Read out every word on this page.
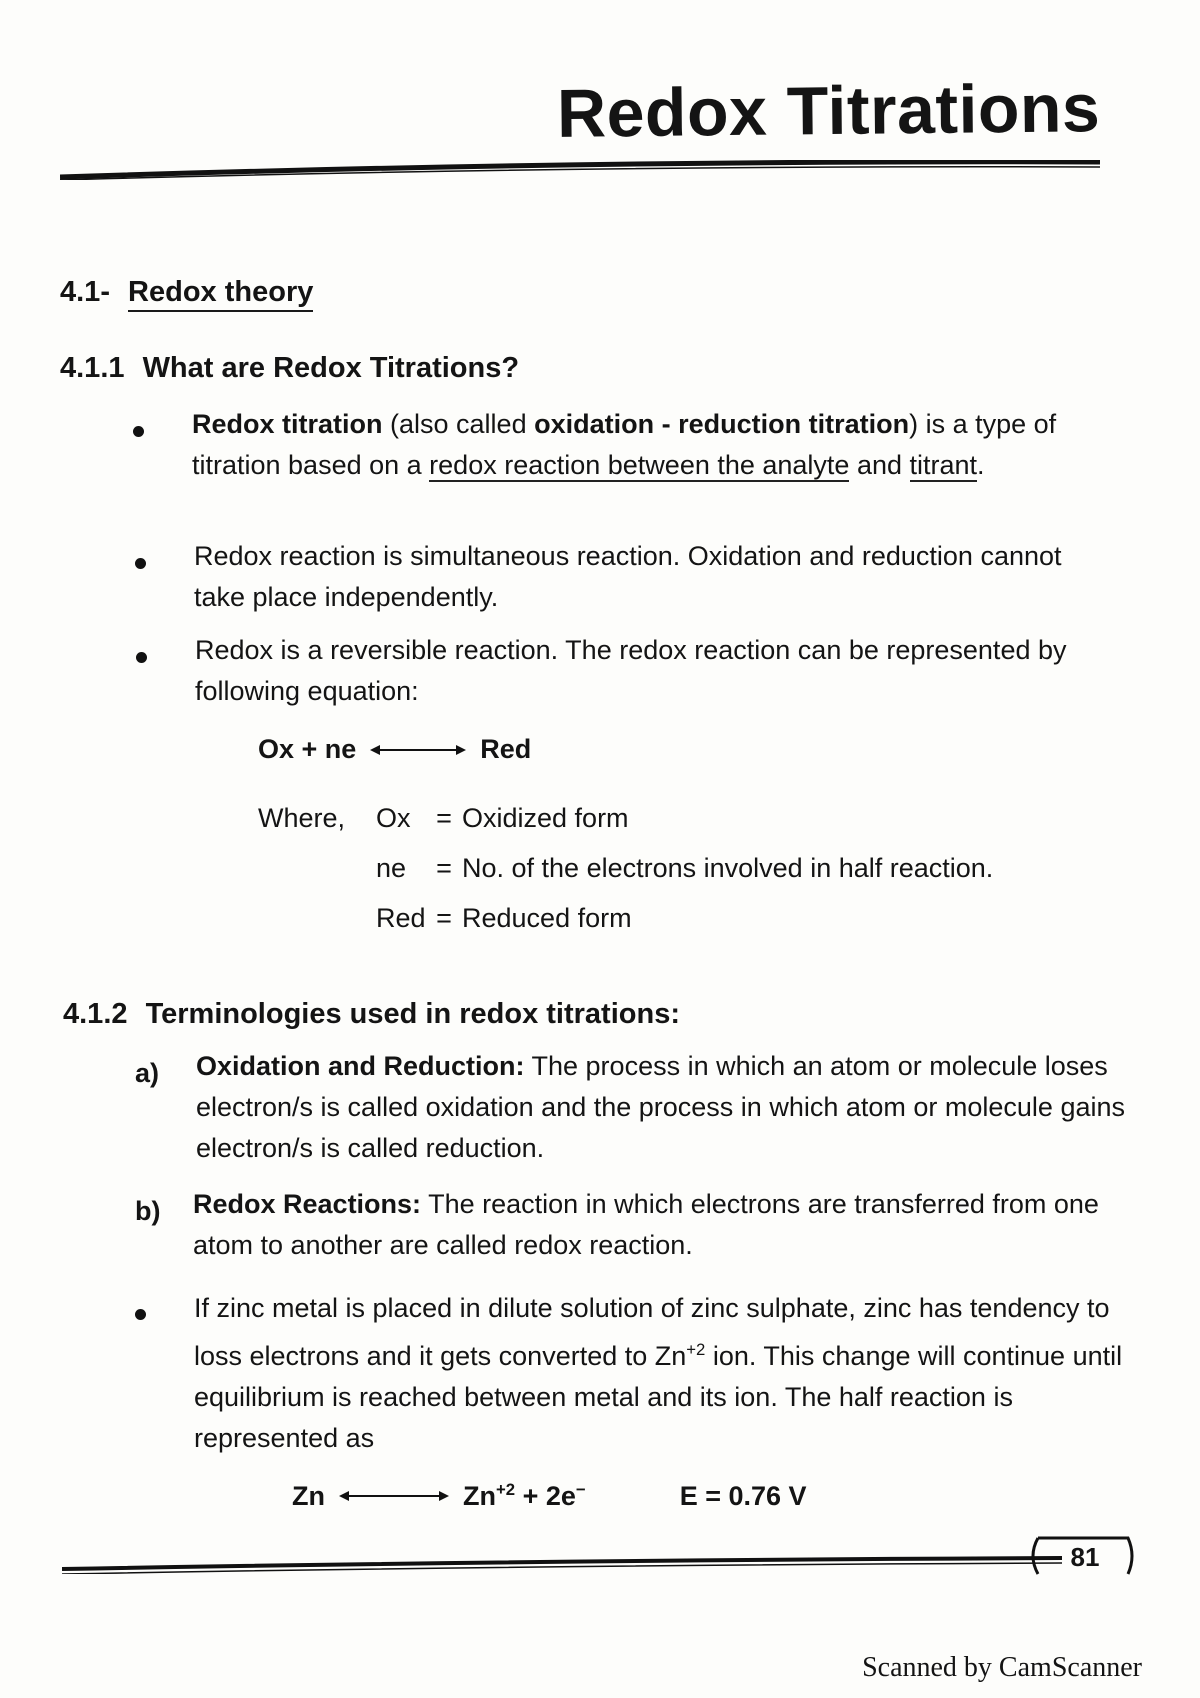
Redox Titrations
4.1- Redox theory
4.1.1 What are Redox Titrations?
Redox titration (also called oxidation - reduction titration) is a type of titration based on a redox reaction between the analyte and titrant.
Redox reaction is simultaneous reaction. Oxidation and reduction cannot take place independently.
Redox is a reversible reaction. The redox reaction can be represented by following equation:
Ox + ne	Red
Where,	Ox = Oxidized form
ne	= No. of the electrons involved in half reaction.
Red = Reduced form
4.1.2 Terminologies used in redox titrations:
a) Oxidation and Reduction: The process in which an atom or molecule loses electron/s is called oxidation and the process in which atom or molecule gains electron/s is called reduction.
b) Redox Reactions: The reaction in which electrons are transferred from one atom to another are called redox reaction.
If zinc metal is placed in dilute solution of zinc sulphate, zinc has tendency to loss electrons and it gets converted to $Zn^{+2}$ ion. This change will continue until equilibrium is reached between metal and its ion. The half reaction is represented as
Zn	$Zn^{+2} + 2e^-$	E = 0.76 V
81
Scanned by CamScanner
